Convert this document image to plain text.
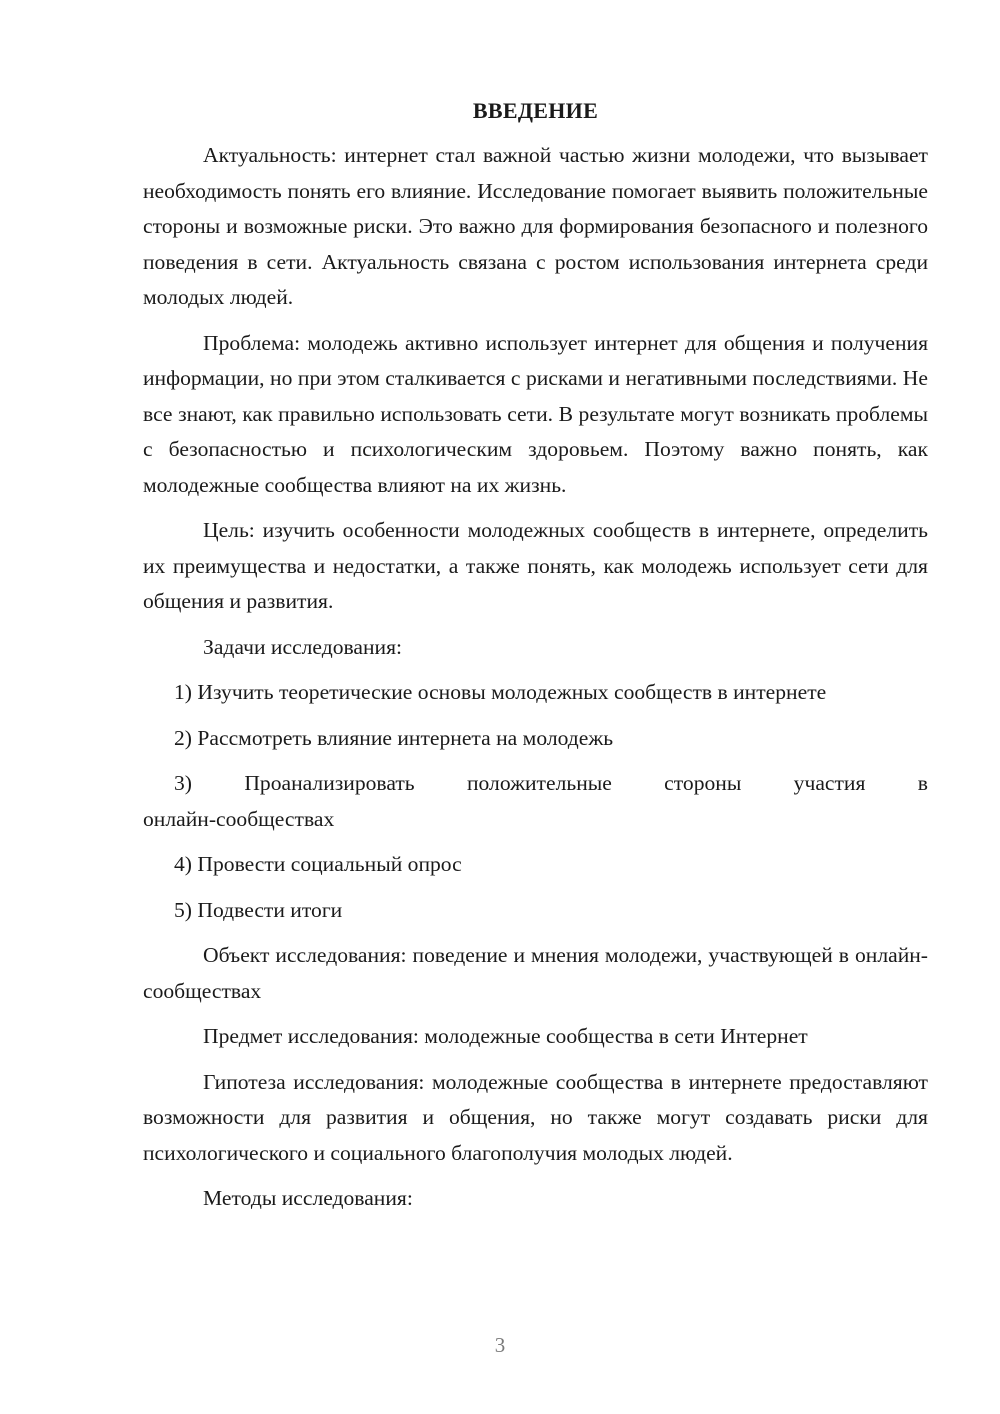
ВВЕДЕНИЕ

Актуальность: интернет стал важной частью жизни молодежи, что вызывает необходимость понять его влияние. Исследование помогает выявить положительные стороны и возможные риски. Это важно для формирования безопасного и полезного поведения в сети. Актуальность связана с ростом использования интернета среди молодых людей.

Проблема: молодежь активно использует интернет для общения и получения информации, но при этом сталкивается с рисками и негативными последствиями. Не все знают, как правильно использовать сети. В результате могут возникать проблемы с безопасностью и психологическим здоровьем. Поэтому важно понять, как молодежные сообщества влияют на их жизнь.

Цель: изучить особенности молодежных сообществ в интернете, определить их преимущества и недостатки, а также понять, как молодежь использует сети для общения и развития.

Задачи исследования:

1) Изучить теоретические основы молодежных сообществ в интернете

2) Рассмотреть влияние интернета на молодежь

3) Проанализировать положительные стороны участия в
онлайн-сообществах

4) Провести социальный опрос

5) Подвести итоги

Объект исследования: поведение и мнения молодежи, участвующей в онлайн-сообществах

Предмет исследования: молодежные сообщества в сети Интернет

Гипотеза исследования: молодежные сообщества в интернете предоставляют возможности для развития и общения, но также могут создавать риски для психологического и социального благополучия молодых людей.

Методы исследования:

3
